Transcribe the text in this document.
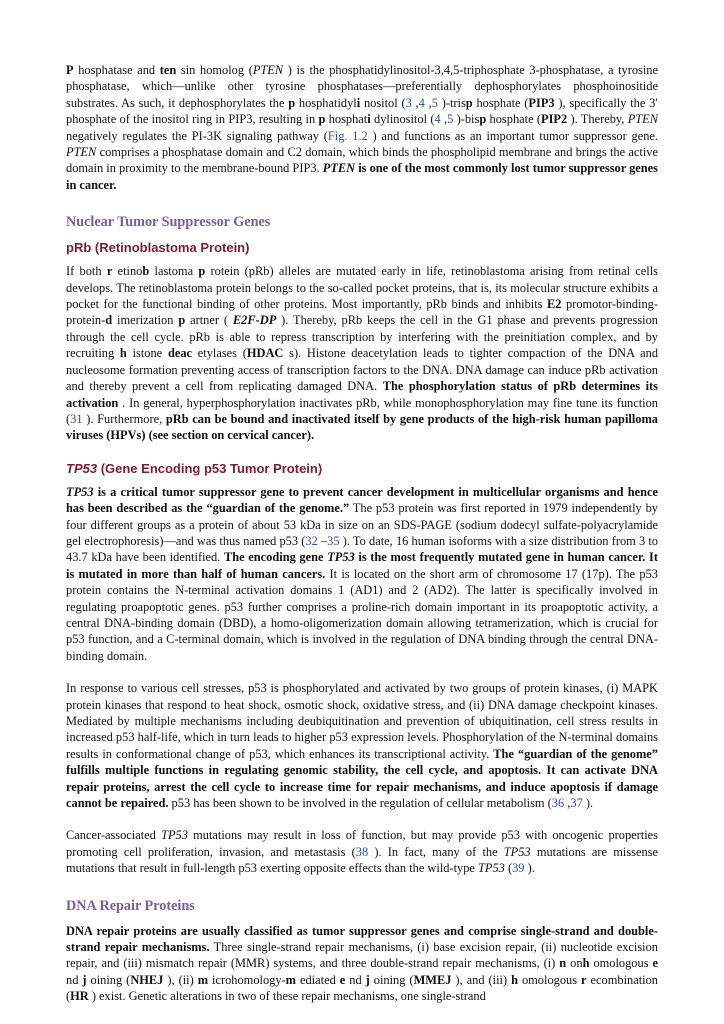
P hosphatase and ten sin homolog (PTEN ) is the phosphatidylinositol-3,4,5-triphosphate 3-phosphatase, a tyrosine phosphatase, which—unlike other tyrosine phosphatases—preferentially dephosphorylates phosphoinositide substrates. As such, it dephosphorylates the p hosphatidyli nositol (3 ,4 ,5 )-trisp hosphate (PIP3 ), specifically the 3′ phosphate of the inositol ring in PIP3, resulting in p hosphati dylinositol (4 ,5 )-bisp hosphate (PIP2 ). Thereby, PTEN negatively regulates the PI-3K signaling pathway (Fig. 1.2 ) and functions as an important tumor suppressor gene. PTEN comprises a phosphatase domain and C2 domain, which binds the phospholipid membrane and brings the active domain in proximity to the membrane-bound PIP3. PTEN is one of the most commonly lost tumor suppressor genes in cancer.

Nuclear Tumor Suppressor Genes
pRb (Retinoblastoma Protein)

If both r etinob lastoma p rotein (pRb) alleles are mutated early in life, retinoblastoma arising from retinal cells develops. The retinoblastoma protein belongs to the so-called pocket proteins, that is, its molecular structure exhibits a pocket for the functional binding of other proteins. Most importantly, pRb binds and inhibits E2 promotor-binding-protein-d imerization p artner ( E2F-DP ). Thereby, pRb keeps the cell in the G1 phase and prevents progression through the cell cycle. pRb is able to repress transcription by interfering with the preinitiation complex, and by recruiting h istone deac etylases (HDAC s). Histone deacetylation leads to tighter compaction of the DNA and nucleosome formation preventing access of transcription factors to the DNA. DNA damage can induce pRb activation and thereby prevent a cell from replicating damaged DNA. The phosphorylation status of pRb determines its activation . In general, hyperphosphorylation inactivates pRb, while monophosphorylation may fine tune its function (31 ). Furthermore, pRb can be bound and inactivated itself by gene products of the high-risk human papilloma viruses (HPVs) (see section on cervical cancer).

TP53 (Gene Encoding p53 Tumor Protein)

TP53 is a critical tumor suppressor gene to prevent cancer development in multicellular organisms and hence has been described as the “guardian of the genome.” The p53 protein was first reported in 1979 independently by four different groups as a protein of about 53 kDa in size on an SDS-PAGE (sodium dodecyl sulfate-polyacrylamide gel electrophoresis)—and was thus named p53 (32 –35 ). To date, 16 human isoforms with a size distribution from 3 to 43.7 kDa have been identified. The encoding gene TP53 is the most frequently mutated gene in human cancer. It is mutated in more than half of human cancers. It is located on the short arm of chromosome 17 (17p). The p53 protein contains the N-terminal activation domains 1 (AD1) and 2 (AD2). The latter is specifically involved in regulating proapoptotic genes. p53 further comprises a proline-rich domain important in its proapoptotic activity, a central DNA-binding domain (DBD), a homo-oligomerization domain allowing tetramerization, which is crucial for p53 function, and a C-terminal domain, which is involved in the regulation of DNA binding through the central DNA-binding domain.

In response to various cell stresses, p53 is phosphorylated and activated by two groups of protein kinases, (i) MAPK protein kinases that respond to heat shock, osmotic shock, oxidative stress, and (ii) DNA damage checkpoint kinases. Mediated by multiple mechanisms including deubiquitination and prevention of ubiquitination, cell stress results in increased p53 half-life, which in turn leads to higher p53 expression levels. Phosphorylation of the N-terminal domains results in conformational change of p53, which enhances its transcriptional activity. The “guardian of the genome” fulfills multiple functions in regulating genomic stability, the cell cycle, and apoptosis. It can activate DNA repair proteins, arrest the cell cycle to increase time for repair mechanisms, and induce apoptosis if damage cannot be repaired. p53 has been shown to be involved in the regulation of cellular metabolism (36 ,37 ).

Cancer-associated TP53 mutations may result in loss of function, but may provide p53 with oncogenic properties promoting cell proliferation, invasion, and metastasis (38 ). In fact, many of the TP53 mutations are missense mutations that result in full-length p53 exerting opposite effects than the wild-type TP53 (39 ).

DNA Repair Proteins

DNA repair proteins are usually classified as tumor suppressor genes and comprise single-strand and double-strand repair mechanisms. Three single-strand repair mechanisms, (i) base excision repair, (ii) nucleotide excision repair, and (iii) mismatch repair (MMR) systems, and three double-strand repair mechanisms, (i) n onh omologous e nd j oining (NHEJ ), (ii) m icrohomology-m ediated e nd j oining (MMEJ ), and (iii) h omologous r ecombination (HR ) exist. Genetic alterations in two of these repair mechanisms, one single-strand
